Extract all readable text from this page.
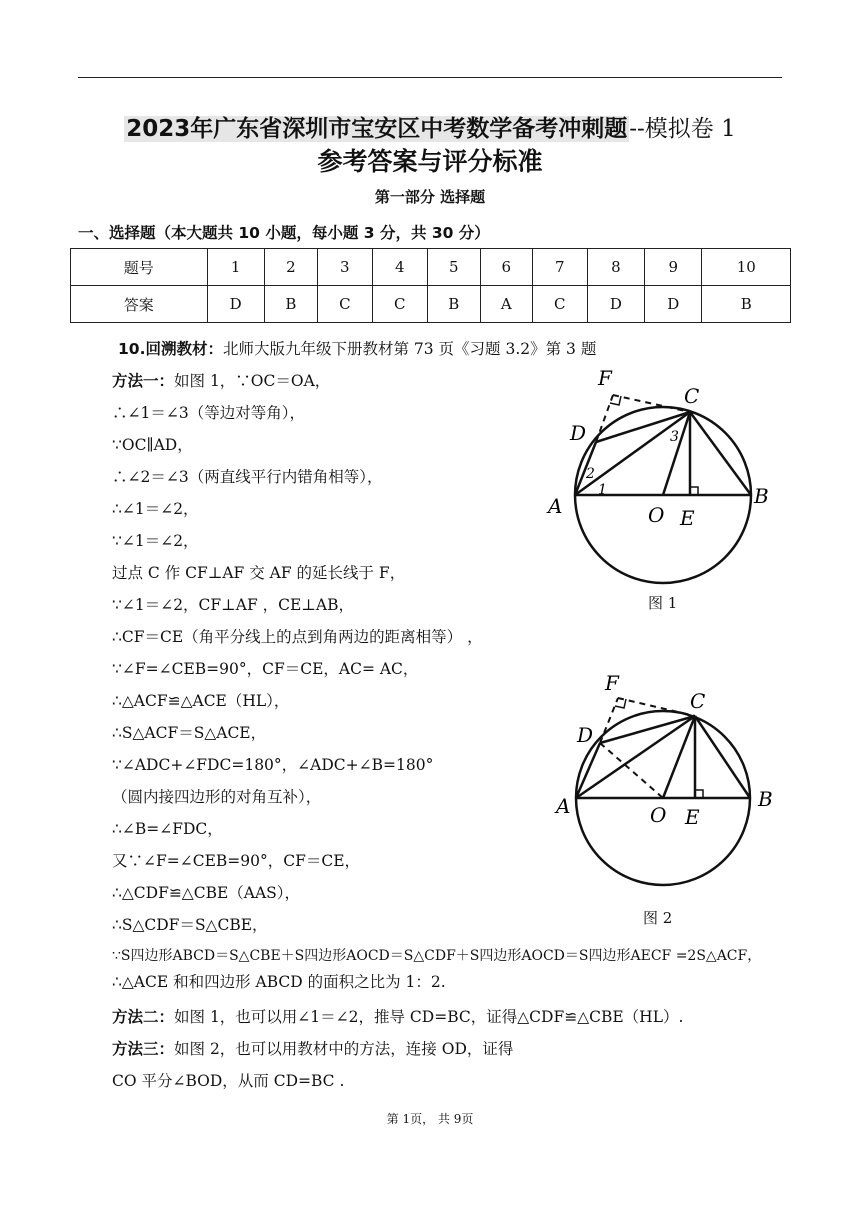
2023年广东省深圳市宝安区中考数学备考冲刺题--模拟卷 1
参考答案与评分标准
第一部分 选择题
一、选择题（本大题共 10 小题，每小题 3 分，共 30 分）
题号	1	2	3	4	5	6	7	8	9	10
答案	D	B	C	C	B	A	C	D	D	B
10.回溯教材：北师大版九年级下册教材第 73 页《习题 3.2》第 3 题
方法一：如图 1，∵OC＝OA，
∴∠1＝∠3（等边对等角），
∵OC∥AD，
∴∠2＝∠3（两直线平行内错角相等），
∴∠1＝∠2，
∵∠1＝∠2，
过点 C 作 CF⊥AF 交 AF 的延长线于 F，
∵∠1＝∠2，CF⊥AF ，CE⊥AB，
∴CF＝CE（角平分线上的点到角两边的距离相等） ，
∵∠F=∠CEB=90°，CF＝CE，AC= AC，
∴△ACF≌△ACE（HL），
∴S△ACF＝S△ACE，
∵∠ADC+∠FDC=180°，∠ADC+∠B=180°
（圆内接四边形的对角互补），
∴∠B=∠FDC，
又∵∠F=∠CEB=90°，CF＝CE，
∴△CDF≌△CBE（AAS），
∴S△CDF＝S△CBE，
∵S四边形ABCD＝S△CBE＋S四边形AOCD＝S△CDF＋S四边形AOCD＝S四边形AECF =2S△ACF，
∴△ACE 和和四边形 ABCD 的面积之比为 1：2.
方法二：如图 1，也可以用∠1＝∠2，推导 CD=BC，证得△CDF≌△CBE（HL）.
方法三：如图 2，也可以用教材中的方法，连接 OD，证得
CO 平分∠BOD，从而 CD=BC .
F
C
D
A	O E
B
1
2
3
图 1
F
C
D
A	O E
B
图 2
第 1页， 共 9页
